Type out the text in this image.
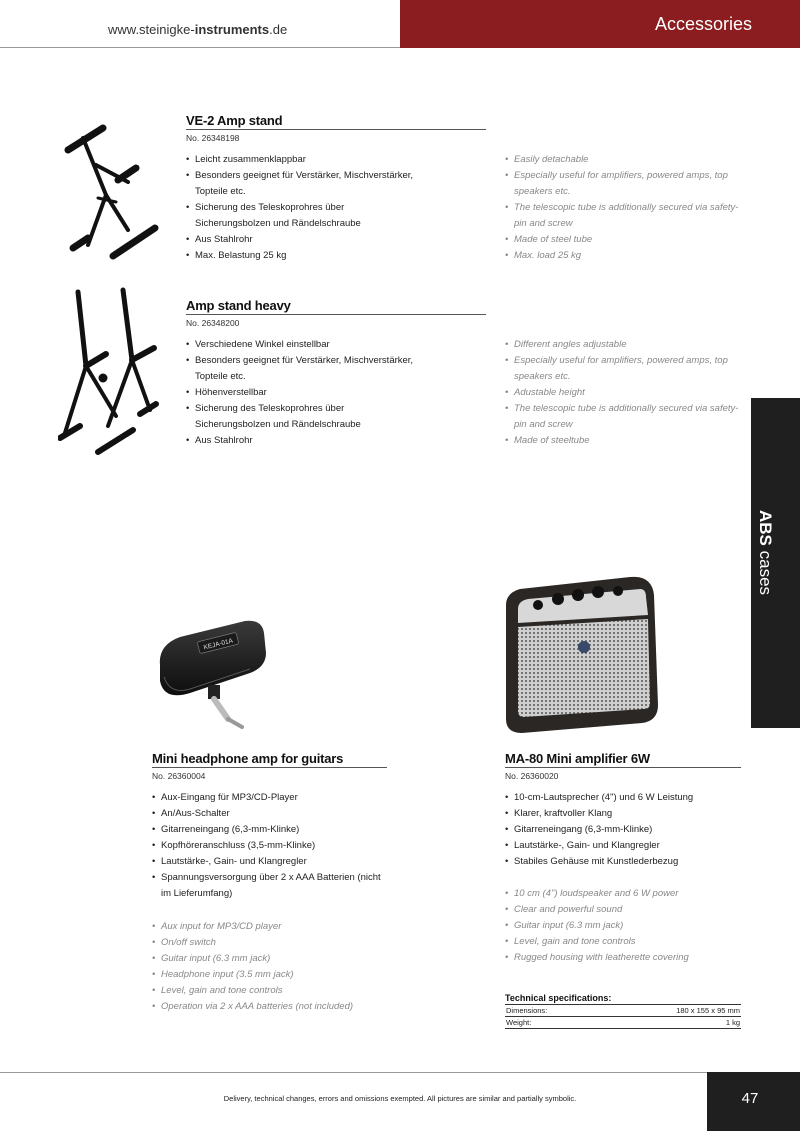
www.steinigke-instruments.de	Accessories
ABS cases
VE-2 Amp stand
No. 26348198
• Leicht zusammenklappbar
• Besonders geeignet für Verstärker, Mischverstärker, Topteile etc.
• Sicherung des Teleskoprohres über Sicherungsbolzen und Rändelschraube
• Aus Stahlrohr
• Max. Belastung 25 kg
• Easily detachable
• Especially useful for amplifiers, powered amps, top speakers etc.
• The telescopic tube is additionally secured via safety-pin and screw
• Made of steel tube
• Max. load 25 kg
Amp stand heavy
No. 26348200
• Verschiedene Winkel einstellbar
• Besonders geeignet für Verstärker, Mischverstärker, Topteile etc.
• Höhenverstellbar
• Sicherung des Teleskoprohres über Sicherungsbolzen und Rändelschraube
• Aus Stahlrohr
• Different angles adjustable
• Especially useful for amplifiers, powered amps, top speakers etc.
• Adustable height
• The telescopic tube is additionally secured via safety-pin and screw
• Made of steeltube
KEJA-01A
Mini headphone amp for guitars
No. 26360004
• Aux-Eingang für MP3/CD-Player
• An/Aus-Schalter
• Gitarreneingang (6,3-mm-Klinke)
• Kopfhöreranschluss (3,5-mm-Klinke)
• Lautstärke-, Gain- und Klangregler
• Spannungsversorgung über 2 x AAA Batterien (nicht im Lieferumfang)
• Aux input for MP3/CD player
• On/off switch
• Guitar input (6.3 mm jack)
• Headphone input (3.5 mm jack)
• Level, gain and tone controls
• Operation via 2 x AAA batteries (not included)
MA-80 Mini amplifier 6W
No. 26360020
• 10-cm-Lautsprecher (4") und 6 W Leistung
• Klarer, kraftvoller Klang
• Gitarreneingang (6,3-mm-Klinke)
• Lautstärke-, Gain- und Klangregler
• Stabiles Gehäuse mit Kunstlederbezug
• 10 cm (4") loudspeaker and 6 W power
• Clear and powerful sound
• Guitar input (6.3 mm jack)
• Level, gain and tone controls
• Rugged housing with leatherette covering
Technical specifications:
Dimensions:	180 x 155 x 95 mm
Weight:	1 kg
Delivery, technical changes, errors and omissions exempted. All pictures are similar and partially symbolic.	47
